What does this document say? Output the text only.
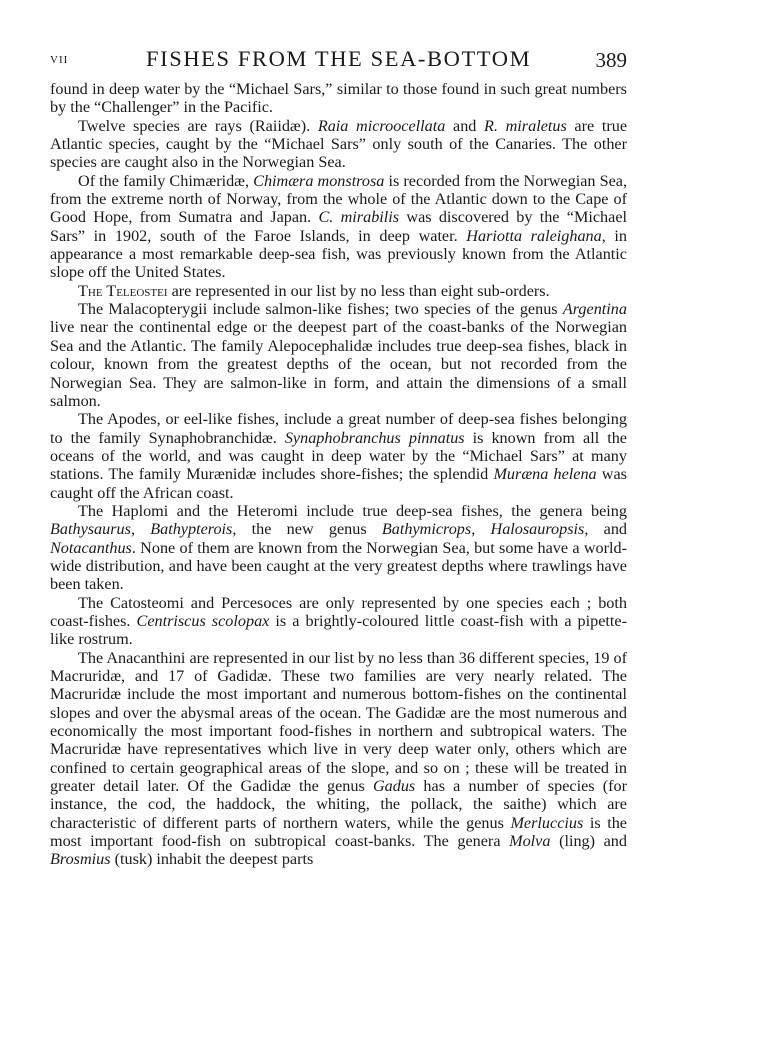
VII	FISHES FROM THE SEA-BOTTOM	389

found in deep water by the “Michael Sars,” similar to those found in such great numbers by the “Challenger” in the Pacific.

Twelve species are rays (Raiidæ). Raia microocellata and R. miraletus are true Atlantic species, caught by the “Michael Sars” only south of the Canaries. The other species are caught also in the Norwegian Sea.

Of the family Chimæridæ, Chimæra monstrosa is recorded from the Norwegian Sea, from the extreme north of Norway, from the whole of the Atlantic down to the Cape of Good Hope, from Sumatra and Japan. C. mirabilis was discovered by the “Michael Sars” in 1902, south of the Faroe Islands, in deep water. Hariotta raleighana, in appearance a most remarkable deep-sea fish, was previously known from the Atlantic slope off the United States.

The Teleostei are represented in our list by no less than eight sub-orders.

The Malacopterygii include salmon-like fishes; two species of the genus Argentina live near the continental edge or the deepest part of the coast-banks of the Norwegian Sea and the Atlantic. The family Alepocephalidæ includes true deep-sea fishes, black in colour, known from the greatest depths of the ocean, but not recorded from the Norwegian Sea. They are salmon-like in form, and attain the dimensions of a small salmon.

The Apodes, or eel-like fishes, include a great number of deep-sea fishes belonging to the family Synaphobranchidæ. Synaphobranchus pinnatus is known from all the oceans of the world, and was caught in deep water by the “Michael Sars” at many stations. The family Murænidæ includes shore-fishes; the splendid Muræna helena was caught off the African coast.

The Haplomi and the Heteromi include true deep-sea fishes, the genera being Bathysaurus, Bathypterois, the new genus Bathymicrops, Halosauropsis, and Notacanthus. None of them are known from the Norwegian Sea, but some have a world-wide distribution, and have been caught at the very greatest depths where trawlings have been taken.

The Catosteomi and Percesoces are only represented by one species each ; both coast-fishes. Centriscus scolopax is a brightly-coloured little coast-fish with a pipette-like rostrum.

The Anacanthini are represented in our list by no less than 36 different species, 19 of Macruridæ, and 17 of Gadidæ. These two families are very nearly related. The Macruridæ include the most important and numerous bottom-fishes on the continental slopes and over the abysmal areas of the ocean. The Gadidæ are the most numerous and economically the most important food-fishes in northern and subtropical waters. The Macruridæ have representatives which live in very deep water only, others which are confined to certain geographical areas of the slope, and so on ; these will be treated in greater detail later. Of the Gadidæ the genus Gadus has a number of species (for instance, the cod, the haddock, the whiting, the pollack, the saithe) which are characteristic of different parts of northern waters, while the genus Merluccius is the most important food-fish on subtropical coast-banks. The genera Molva (ling) and Brosmius (tusk) inhabit the deepest parts
